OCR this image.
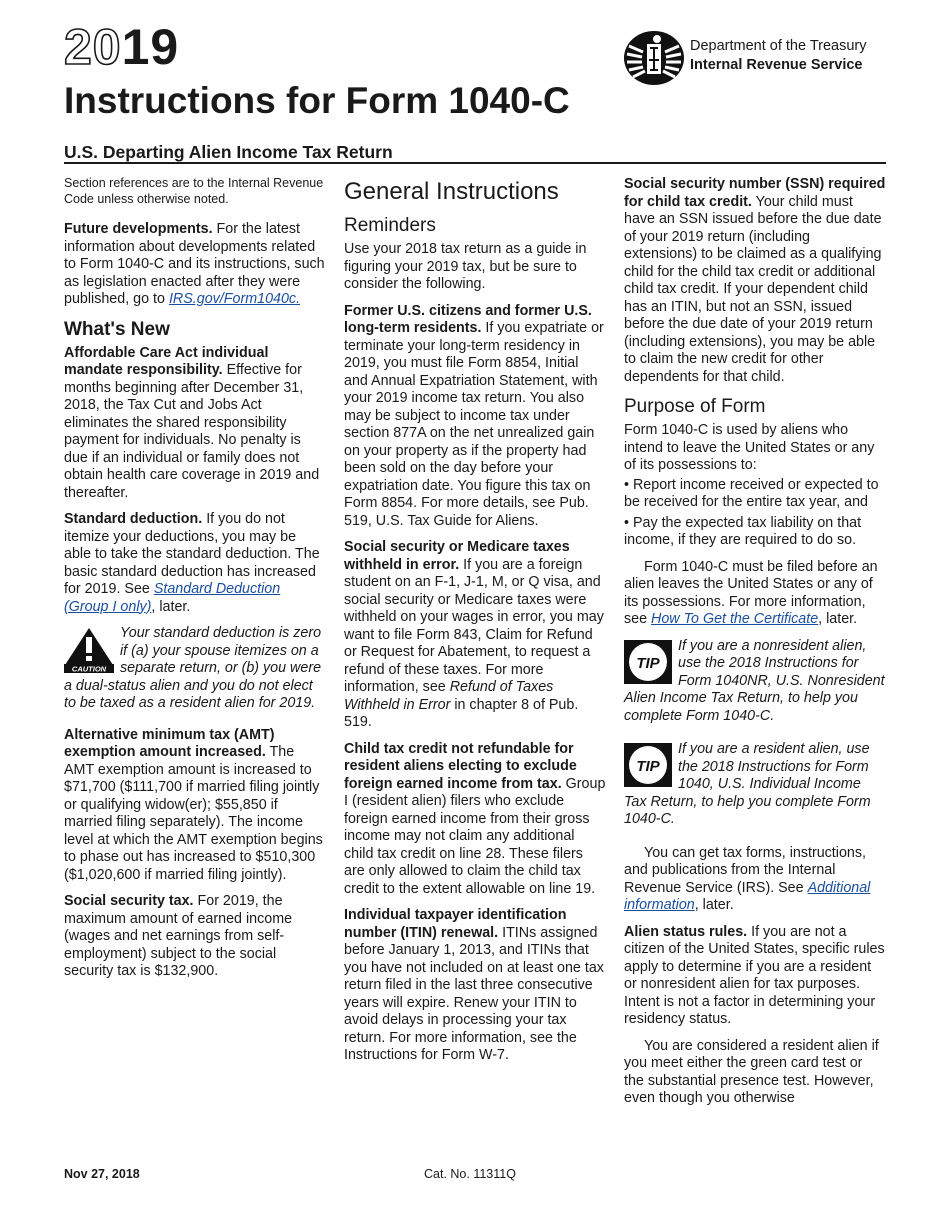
2019
Instructions for Form 1040-C
U.S. Departing Alien Income Tax Return
Department of the Treasury
Internal Revenue Service

Section references are to the Internal Revenue Code unless otherwise noted.

Future developments. For the latest information about developments related to Form 1040-C and its instructions, such as legislation enacted after they were published, go to IRS.gov/Form1040c.

What's New

Affordable Care Act individual mandate responsibility. Effective for months beginning after December 31, 2018, the Tax Cut and Jobs Act eliminates the shared responsibility payment for individuals. No penalty is due if an individual or family does not obtain health care coverage in 2019 and thereafter.

Standard deduction. If you do not itemize your deductions, you may be able to take the standard deduction. The basic standard deduction has increased for 2019. See Standard Deduction (Group I only), later.

CAUTION
Your standard deduction is zero if (a) your spouse itemizes on a separate return, or (b) you were a dual-status alien and you do not elect to be taxed as a resident alien for 2019.

Alternative minimum tax (AMT) exemption amount increased. The AMT exemption amount is increased to $71,700 ($111,700 if married filing jointly or qualifying widow(er); $55,850 if married filing separately). The income level at which the AMT exemption begins to phase out has increased to $510,300 ($1,020,600 if married filing jointly).

Social security tax. For 2019, the maximum amount of earned income (wages and net earnings from self-employment) subject to the social security tax is $132,900.

General Instructions
Reminders

Use your 2018 tax return as a guide in figuring your 2019 tax, but be sure to consider the following.

Former U.S. citizens and former U.S. long-term residents. If you expatriate or terminate your long-term residency in 2019, you must file Form 8854, Initial and Annual Expatriation Statement, with your 2019 income tax return. You also may be subject to income tax under section 877A on the net unrealized gain on your property as if the property had been sold on the day before your expatriation date. You figure this tax on Form 8854. For more details, see Pub. 519, U.S. Tax Guide for Aliens.

Social security or Medicare taxes withheld in error. If you are a foreign student on an F-1, J-1, M, or Q visa, and social security or Medicare taxes were withheld on your wages in error, you may want to file Form 843, Claim for Refund or Request for Abatement, to request a refund of these taxes. For more information, see Refund of Taxes Withheld in Error in chapter 8 of Pub. 519.

Child tax credit not refundable for resident aliens electing to exclude foreign earned income from tax. Group I (resident alien) filers who exclude foreign earned income from their gross income may not claim any additional child tax credit on line 28. These filers are only allowed to claim the child tax credit to the extent allowable on line 19.

Individual taxpayer identification number (ITIN) renewal. ITINs assigned before January 1, 2013, and ITINs that you have not included on at least one tax return filed in the last three consecutive years will expire. Renew your ITIN to avoid delays in processing your tax return. For more information, see the Instructions for Form W-7.

Social security number (SSN) required for child tax credit. Your child must have an SSN issued before the due date of your 2019 return (including extensions) to be claimed as a qualifying child for the child tax credit or additional child tax credit. If your dependent child has an ITIN, but not an SSN, issued before the due date of your 2019 return (including extensions), you may be able to claim the new credit for other dependents for that child.

Purpose of Form

Form 1040-C is used by aliens who intend to leave the United States or any of its possessions to:

• Report income received or expected to be received for the entire tax year, and

• Pay the expected tax liability on that income, if they are required to do so.

Form 1040-C must be filed before an alien leaves the United States or any of its possessions. For more information, see How To Get the Certificate, later.

TIP
If you are a nonresident alien, use the 2018 Instructions for Form 1040NR, U.S. Nonresident Alien Income Tax Return, to help you complete Form 1040-C.
TIP
If you are a resident alien, use the 2018 Instructions for Form 1040, U.S. Individual Income Tax Return, to help you complete Form 1040-C.

You can get tax forms, instructions, and publications from the Internal Revenue Service (IRS). See Additional information, later.

Alien status rules. If you are not a citizen of the United States, specific rules apply to determine if you are a resident or nonresident alien for tax purposes. Intent is not a factor in determining your residency status.

You are considered a resident alien if you meet either the green card test or the substantial presence test. However, even though you otherwise

Nov 27, 2018	Cat. No. 11311Q
